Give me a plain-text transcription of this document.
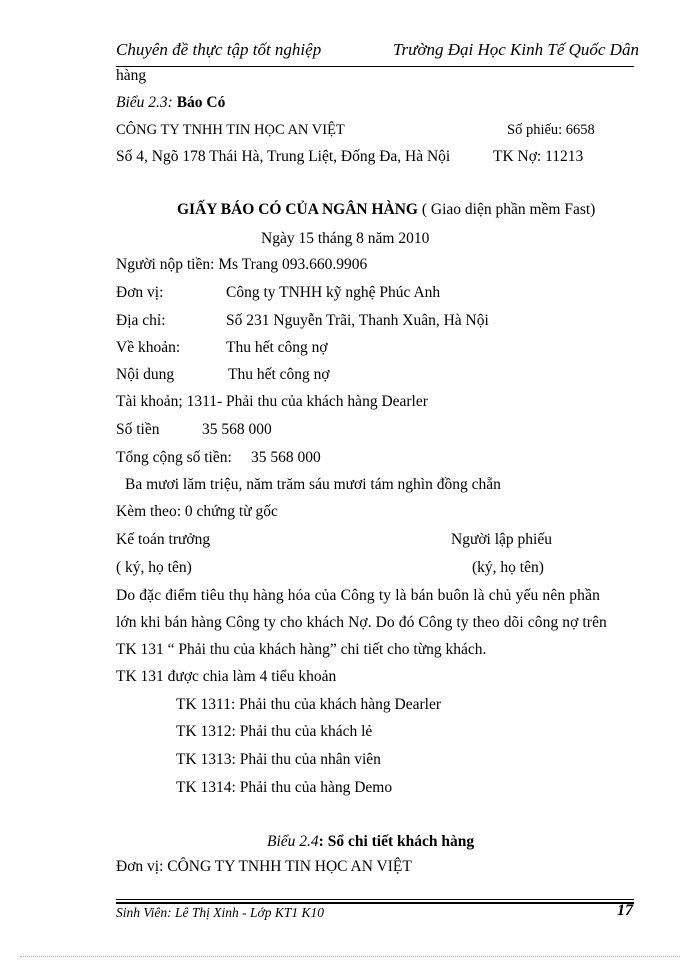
Chuyên đề thực tập tốt nghiệp	Trường Đại Học Kinh Tế Quốc Dân
hàng
Biểu 2.3: Báo Có
CÔNG TY TNHH TIN HỌC AN VIỆT	Số phiếu: 6658
Số 4, Ngõ 178 Thái Hà, Trung Liệt, Đống Đa, Hà Nội	TK Nợ: 11213
GIẤY BÁO CÓ CỦA NGÂN HÀNG ( Giao diện phần mềm Fast)
Ngày 15 tháng 8 năm 2010
Người nộp tiền: Ms Trang 093.660.9906
Đơn vị:	Công ty TNHH kỹ nghệ Phúc Anh
Địa chỉ:	Số 231 Nguyễn Trãi, Thanh Xuân, Hà Nội
Về khoản:	Thu hết công nợ
Nội dung	Thu hết công nợ
Tài khoản; 1311- Phải thu của khách hàng Dearler
Số tiền	35 568 000
Tổng cộng số tiền: 35 568 000
Ba mươi lăm triệu, năm trăm sáu mươi tám nghìn đồng chẵn
Kèm theo: 0 chứng từ gốc
Kế toán trưởng	Người lập phiếu
( ký, họ tên)	(ký, họ tên)
Do đặc điểm tiêu thụ hàng hóa của Công ty là bán buôn là chủ yếu nên phần
lớn khi bán hàng Công ty cho khách Nợ. Do đó Công ty theo dõi công nợ trên
TK 131 “ Phải thu của khách hàng” chi tiết cho từng khách.
TK 131 được chia làm 4 tiểu khoản
TK 1311: Phải thu của khách hàng Dearler
TK 1312: Phải thu của khách lẻ
TK 1313: Phải thu của nhân viên
TK 1314: Phải thu của hàng Demo
Biểu 2.4: Sổ chi tiết khách hàng
Đơn vị: CÔNG TY TNHH TIN HỌC AN VIỆT
Sinh Viên: Lê Thị Xinh - Lớp KT1 K10	17
